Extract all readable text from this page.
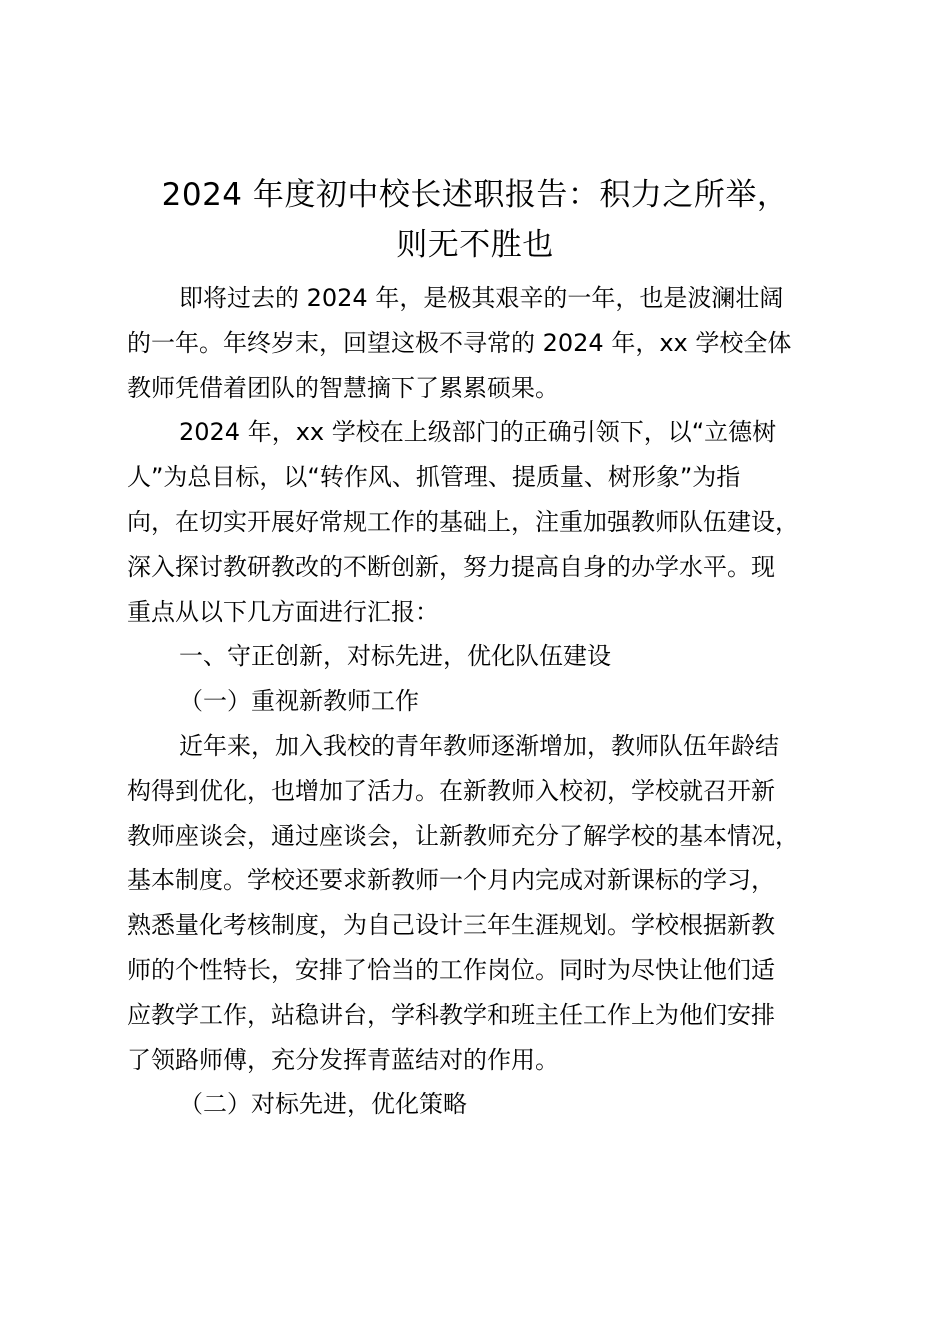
2024 年度初中校长述职报告：积力之所举，
则无不胜也

即将过去的 2024 年，是极其艰辛的一年，也是波澜壮阔
的一年。年终岁末，回望这极不寻常的 2024 年，xx 学校全体
教师凭借着团队的智慧摘下了累累硕果。

2024 年，xx 学校在上级部门的正确引领下，以“立德树
人”为总目标，以“转作风、抓管理、提质量、树形象”为指
向，在切实开展好常规工作的基础上，注重加强教师队伍建设，
深入探讨教研教改的不断创新，努力提高自身的办学水平。现
重点从以下几方面进行汇报：

一、守正创新，对标先进，优化队伍建设

（一）重视新教师工作

近年来，加入我校的青年教师逐渐增加，教师队伍年龄结
构得到优化，也增加了活力。在新教师入校初，学校就召开新
教师座谈会，通过座谈会，让新教师充分了解学校的基本情况，
基本制度。学校还要求新教师一个月内完成对新课标的学习，
熟悉量化考核制度，为自己设计三年生涯规划。学校根据新教
师的个性特长，安排了恰当的工作岗位。同时为尽快让他们适
应教学工作，站稳讲台，学科教学和班主任工作上为他们安排
了领路师傅，充分发挥青蓝结对的作用。

（二）对标先进，优化策略
